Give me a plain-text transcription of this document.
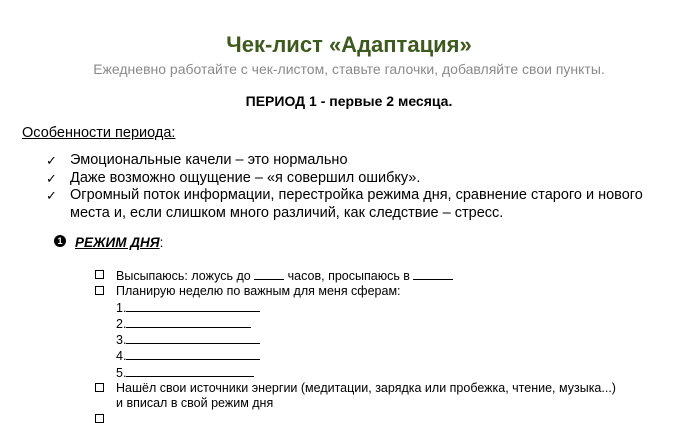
Чек-лист «Адаптация»
Ежедневно работайте с чек-листом, ставьте галочки, добавляйте свои пункты.
ПЕРИОД 1 - первые 2 месяца.
Особенности периода:
✓ Эмоциональные качели – это нормально
✓ Даже возможно ощущение – «я совершил ошибку».
✓ Огромный поток информации, перестройка режима дня, сравнение старого и нового места и, если слишком много различий, как следствие – стресс.
1 РЕЖИМ ДНЯ:
Высыпаюсь: ложусь до	часов, просыпаюсь в
Планирую неделю по важным для меня сферам:
1.
2.
3.
4.
5.
Нашёл свои источники энергии (медитации, зарядка или пробежка, чтение, музыка...)
и вписал в свой режим дня
